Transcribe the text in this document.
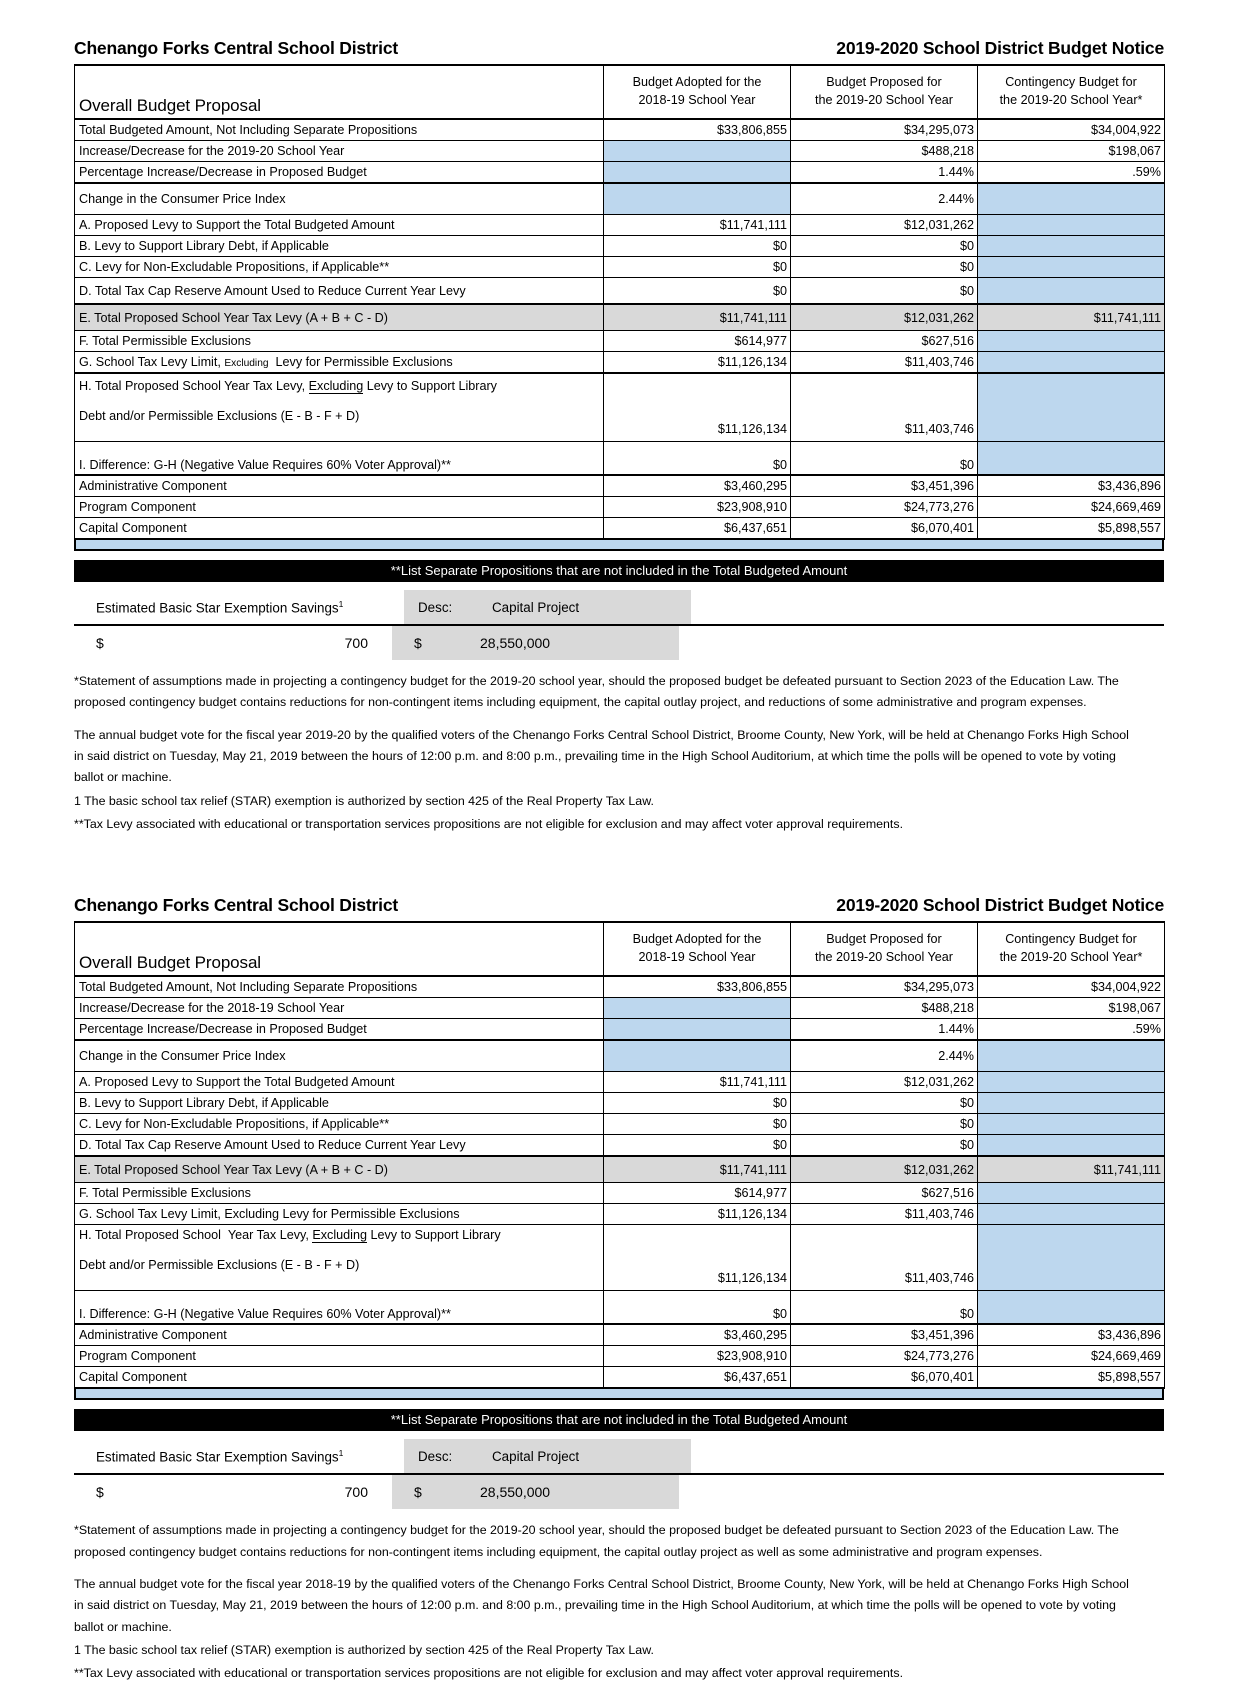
Chenango Forks Central School District	2019-2020 School District Budget Notice
Overall Budget Proposal	
Budget Adopted for the
2018-19 School Year

Budget Proposed for
the 2019-20 School Year

Contingency Budget for
the 2019-20 School Year*

Total Budgeted Amount, Not Including Separate Propositions	$33,806,855	$34,295,073	$34,004,922
Increase/Decrease for the 2019-20 School Year		$488,218	$198,067
Percentage Increase/Decrease in Proposed Budget		1.44%	.59%
Change in the Consumer Price Index		2.44%	
A. Proposed Levy to Support the Total Budgeted Amount	$11,741,111	$12,031,262	
B. Levy to Support Library Debt, if Applicable	$0	$0	
C. Levy for Non-Excludable Propositions, if Applicable**	$0	$0	
D. Total Tax Cap Reserve Amount Used to Reduce Current Year Levy	$0	$0	
E. Total Proposed School Year Tax Levy (A + B + C - D)	$11,741,111	$12,031,262	$11,741,111
F. Total Permissible Exclusions	$614,977	$627,516	
G. School Tax Levy Limit, Excluding  Levy for Permissible Exclusions	$11,126,134	$11,403,746	

H. Total Proposed School Year Tax Levy, Excluding Levy to Support Library
Debt and/or Permissible Exclusions (E - B - F + D)	$11,126,134	$11,403,746	
I. Difference: G-H (Negative Value Requires 60% Voter Approval)**	$0	$0	
Administrative Component	$3,460,295	$3,451,396	$3,436,896
Program Component	$23,908,910	$24,773,276	$24,669,469
Capital Component	$6,437,651	$6,070,401	$5,898,557
**List Separate Propositions that are not included in the Total Budgeted Amount
Estimated Basic Star Exemption Savings$^1$	Desc:	Capital Project
$	700	$	28,550,000
*Statement of assumptions made in projecting a contingency budget for the 2019-20 school year, should the proposed budget be defeated pursuant to Section 2023 of the Education Law. The proposed contingency budget contains reductions for non-contingent items including equipment, the capital outlay project, and reductions of some administrative and program expenses.
The annual budget vote for the fiscal year 2019-20 by the qualified voters of the Chenango Forks Central School District, Broome County, New York, will be held at Chenango Forks High School in said district on Tuesday, May 21, 2019 between the hours of 12:00 p.m. and 8:00 p.m., prevailing time in the High School Auditorium, at which time the polls will be opened to vote by voting ballot or machine.
1 The basic school tax relief (STAR) exemption is authorized by section 425 of the Real Property Tax Law.
**Tax Levy associated with educational or transportation services propositions are not eligible for exclusion and may affect voter approval requirements.
Chenango Forks Central School District	2019-2020 School District Budget Notice
Overall Budget Proposal	
Budget Adopted for the
2018-19 School Year

Budget Proposed for
the 2019-20 School Year

Contingency Budget for
the 2019-20 School Year*

Total Budgeted Amount, Not Including Separate Propositions	$33,806,855	$34,295,073	$34,004,922
Increase/Decrease for the 2018-19 School Year		$488,218	$198,067
Percentage Increase/Decrease in Proposed Budget		1.44%	.59%
Change in the Consumer Price Index		2.44%	
A. Proposed Levy to Support the Total Budgeted Amount	$11,741,111	$12,031,262	
B. Levy to Support Library Debt, if Applicable	$0	$0	
C. Levy for Non-Excludable Propositions, if Applicable**	$0	$0	
D. Total Tax Cap Reserve Amount Used to Reduce Current Year Levy	$0	$0	
E. Total Proposed School Year Tax Levy (A + B + C - D)	$11,741,111	$12,031,262	$11,741,111
F. Total Permissible Exclusions	$614,977	$627,516	
G. School Tax Levy Limit, Excluding Levy for Permissible Exclusions	$11,126,134	$11,403,746	

H. Total Proposed School  Year Tax Levy, Excluding Levy to Support Library
Debt and/or Permissible Exclusions (E - B - F + D)	$11,126,134	$11,403,746	
I. Difference: G-H (Negative Value Requires 60% Voter Approval)**	$0	$0	
Administrative Component	$3,460,295	$3,451,396	$3,436,896
Program Component	$23,908,910	$24,773,276	$24,669,469
Capital Component	$6,437,651	$6,070,401	$5,898,557
**List Separate Propositions that are not included in the Total Budgeted Amount
Estimated Basic Star Exemption Savings$^1$	Desc:	Capital Project
$	700	$	28,550,000
*Statement of assumptions made in projecting a contingency budget for the 2019-20 school year, should the proposed budget be defeated pursuant to Section 2023 of the Education Law. The proposed contingency budget contains reductions for non-contingent items including equipment, the capital outlay project as well as some administrative and program expenses.
The annual budget vote for the fiscal year 2018-19 by the qualified voters of the Chenango Forks Central School District, Broome County, New York, will be held at Chenango Forks High School in said district on Tuesday, May 21, 2019 between the hours of 12:00 p.m. and 8:00 p.m., prevailing time in the High School Auditorium, at which time the polls will be opened to vote by voting ballot or machine.
1 The basic school tax relief (STAR) exemption is authorized by section 425 of the Real Property Tax Law.
**Tax Levy associated with educational or transportation services propositions are not eligible for exclusion and may affect voter approval requirements.
